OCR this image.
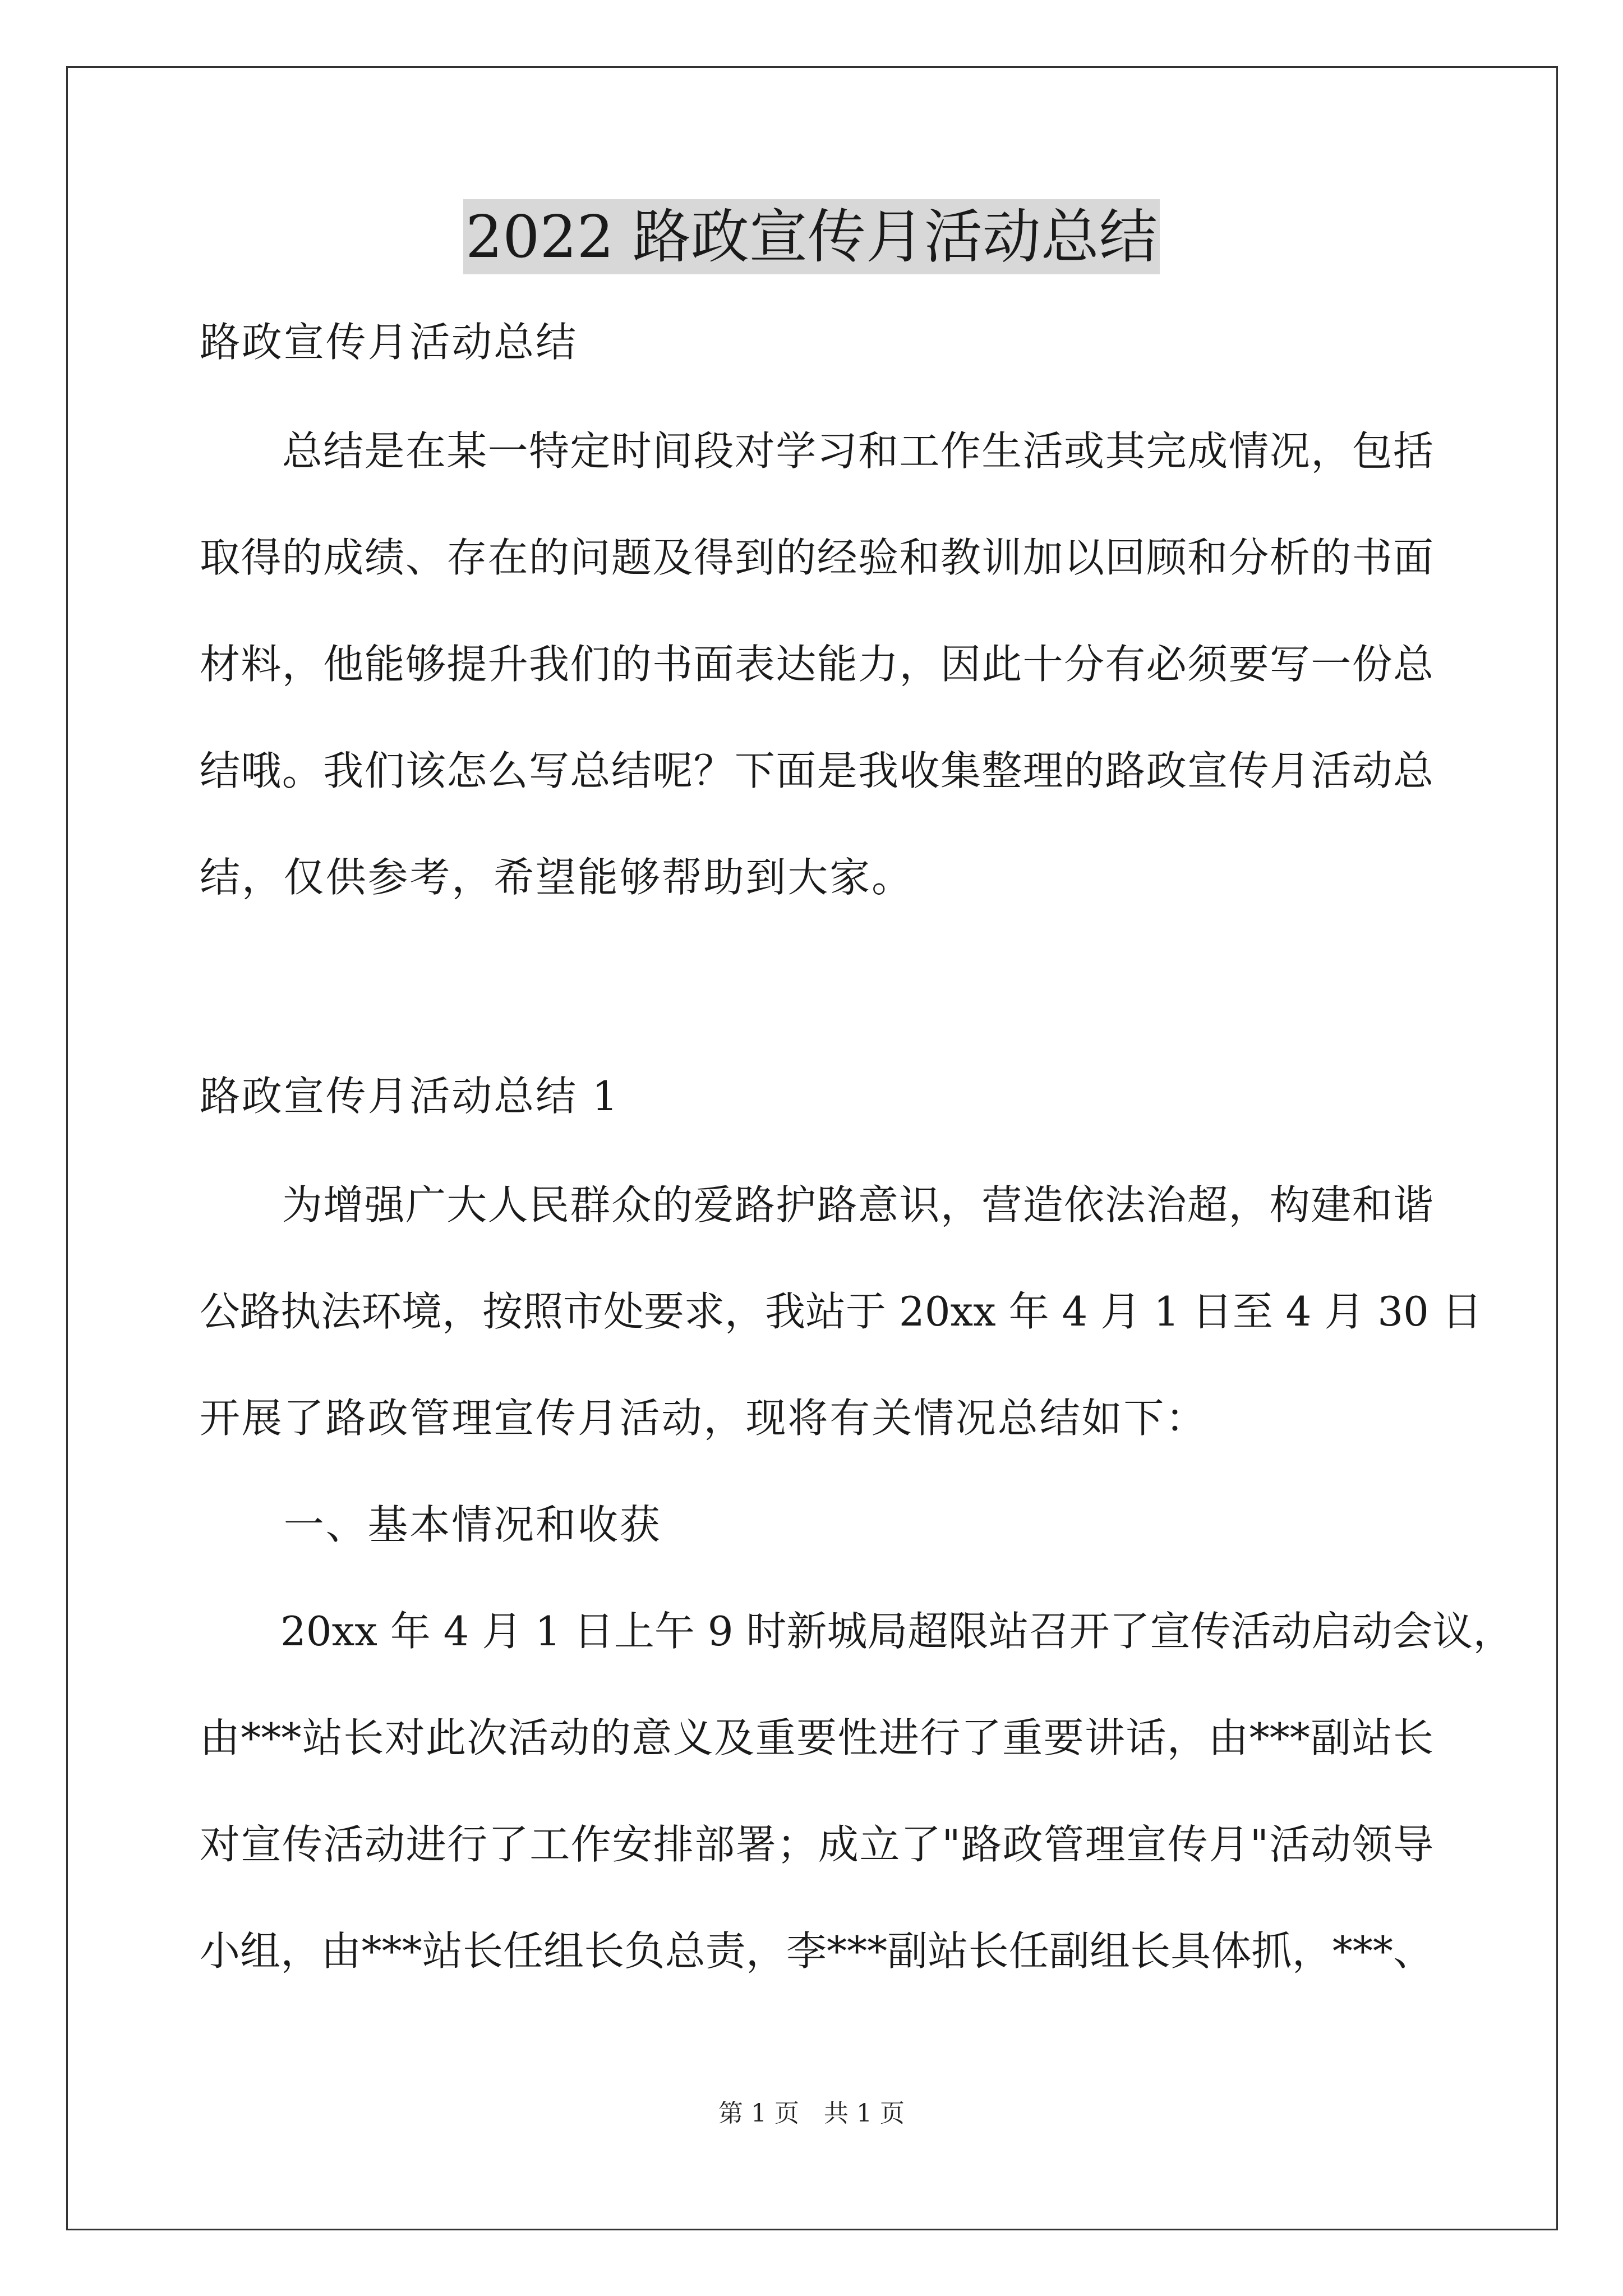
2022 路政宣传月活动总结
路政宣传月活动总结
　　总结是在某一特定时间段对学习和工作生活或其完成情况，包括
取得的成绩、存在的问题及得到的经验和教训加以回顾和分析的书面
材料，他能够提升我们的书面表达能力，因此十分有必须要写一份总
结哦。我们该怎么写总结呢？下面是我收集整理的路政宣传月活动总
结，仅供参考，希望能够帮助到大家。
路政宣传月活动总结 1
　　为增强广大人民群众的爱路护路意识，营造依法治超，构建和谐
公路执法环境，按照市处要求，我站于 20xx 年 4 月 1 日至 4 月 30 日
开展了路政管理宣传月活动，现将有关情况总结如下：
　　一、基本情况和收获
　　20xx 年 4 月 1 日上午 9 时新城局超限站召开了宣传活动启动会议，
由***站长对此次活动的意义及重要性进行了重要讲话，由***副站长
对宣传活动进行了工作安排部署；成立了"路政管理宣传月"活动领导
小组，由***站长任组长负总责，李***副站长任副组长具体抓，***、
第 1 页　共 1 页
